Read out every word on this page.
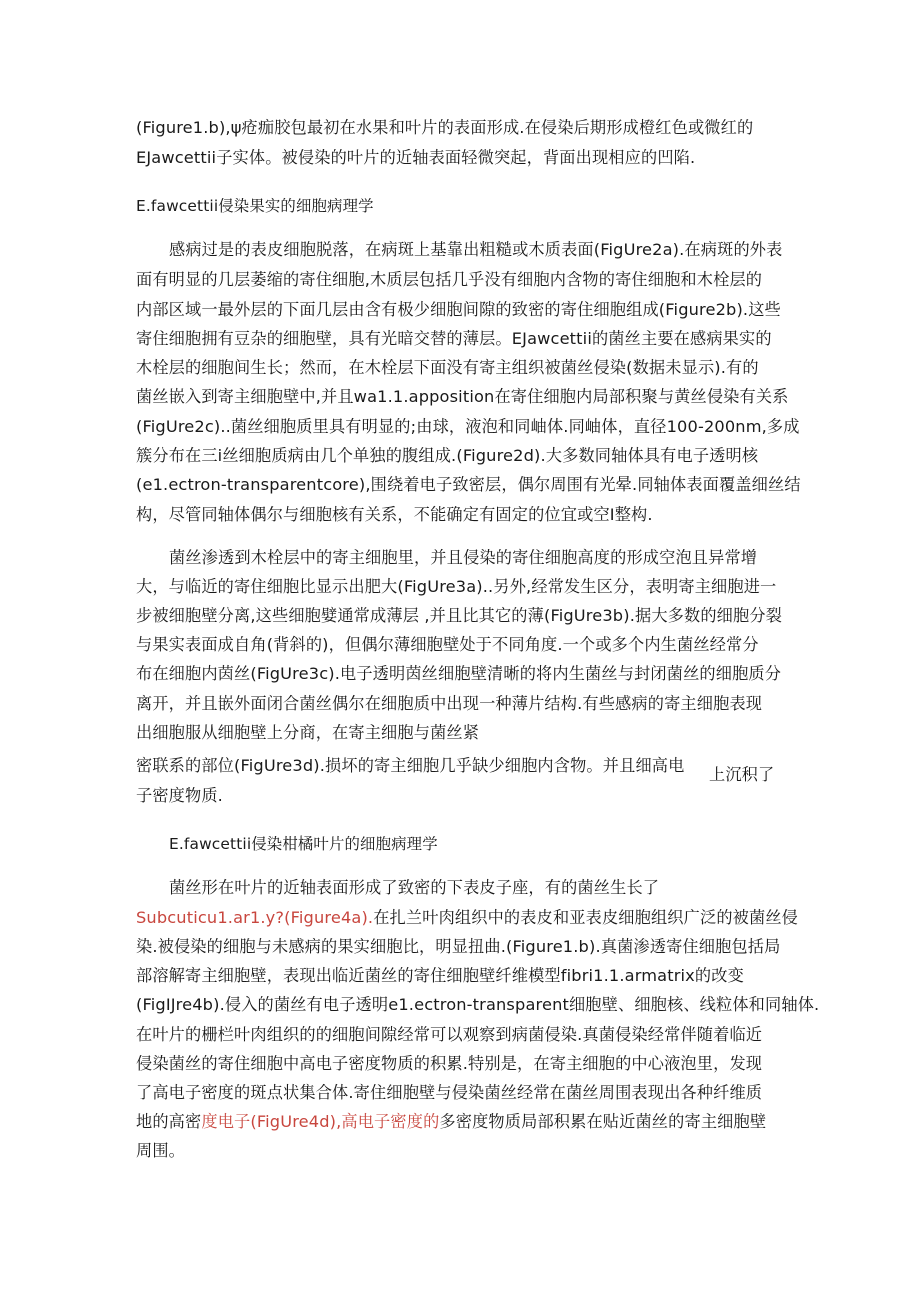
(Figure1.b),ψ疮痂胶包最初在水果和叶片的表面形成.在侵染后期形成橙红色或微红的

EJawcettii子实体。被侵染的叶片的近轴表面轻微突起，背面出现相应的凹陷.

E.fawcettii侵染果实的细胞病理学

感病过是的表皮细胞脱落，在病斑上基靠出粗糙或木质表面(FigUre2a).在病斑的外表

面有明显的几层萎缩的寄住细胞,木质层包括几乎没有细胞内含物的寄住细胞和木栓层的

内部区域一最外层的下面几层由含有极少细胞间隙的致密的寄住细胞组成(Figure2b).这些

寄住细胞拥有豆杂的细胞壁，具有光暗交替的薄层。EJawcettii的菌丝主要在感病果实的

木栓层的细胞间生长；然而，在木栓层下面没有寄主组织被菌丝侵染(数据未显示).有的

菌丝嵌入到寄主细胞壁中,并且wa1.1.apposition在寄住细胞内局部积聚与黄丝侵染有关系

(FigUre2c)..菌丝细胞质里具有明显的;由球，液泡和同岫体.同岫体，直径100-200nm,多成

簇分布在三i丝细胞质病由几个单独的腹组成.(Figure2d).大多数同轴体具有电子透明核

(e1.ectron-transparentcore),围绕着电子致密层，偶尔周围有光晕.同轴体表面覆盖细丝结

构，尽管同轴体偶尔与细胞核有关系，不能确定有固定的位宜或空I整构.

菌丝渗透到木栓层中的寄主细胞里，并且侵染的寄住细胞高度的形成空泡且异常增

大，与临近的寄住细胞比显示出肥大(FigUre3a)..另外,经常发生区分，表明寄主细胞进一

步被细胞壁分离,这些细胞嬖通常成薄层 ,并且比其它的薄(FigUre3b).据大多数的细胞分裂

与果实表面成自角(背斜的)，但偶尔薄细胞壁处于不同角度.一个或多个内生菌丝经常分

布在细胞内茵丝(FigUre3c).电子透明茵丝细胞壁清晰的将内生菌丝与封闭菌丝的细胞质分

离开，并且嵌外面闭合菌丝偶尔在细胞质中出现一种薄片结构.有些感病的寄主细胞表现

出细胞服从细胞壁上分商，在寄主细胞与菌丝紧

密联系的部位(FigUre3d).损坏的寄主细胞几乎缺少细胞内含物。并且细高电 上沉积了

子密度物质.

E.fawcettii侵染柑橘叶片的细胞病理学

菌丝形在叶片的近轴表面形成了致密的下表皮子座，有的菌丝生长了

Subcuticu1.ar1.y?(Figure4a).在扎兰叶肉组织中的表皮和亚表皮细胞组织广泛的被菌丝侵

染.被侵染的细胞与未感病的果实细胞比，明显扭曲.(Figure1.b).真菌渗透寄住细胞包括局

部溶解寄主细胞壁，表现出临近菌丝的寄住细胞壁纤维模型fibri1.1.armatrix的改变

(FigIJre4b).侵入的菌丝有电子透明e1.ectron-transparent细胞壁、细胞核、线粒体和同轴体.

在叶片的栅栏叶肉组织的的细胞间隙经常可以观察到病菌侵染.真菌侵染经常伴随着临近

侵染菌丝的寄住细胞中高电子密度物质的积累.特别是，在寄主细胞的中心液泡里，发现

了高电子密度的斑点状集合体.寄住细胞壁与侵染菌丝经常在菌丝周围表现出各种纤维质

地的高密度电子(FigUre4d),高电子密度的多密度物质局部积累在贴近菌丝的寄主细胞壁

周围。
